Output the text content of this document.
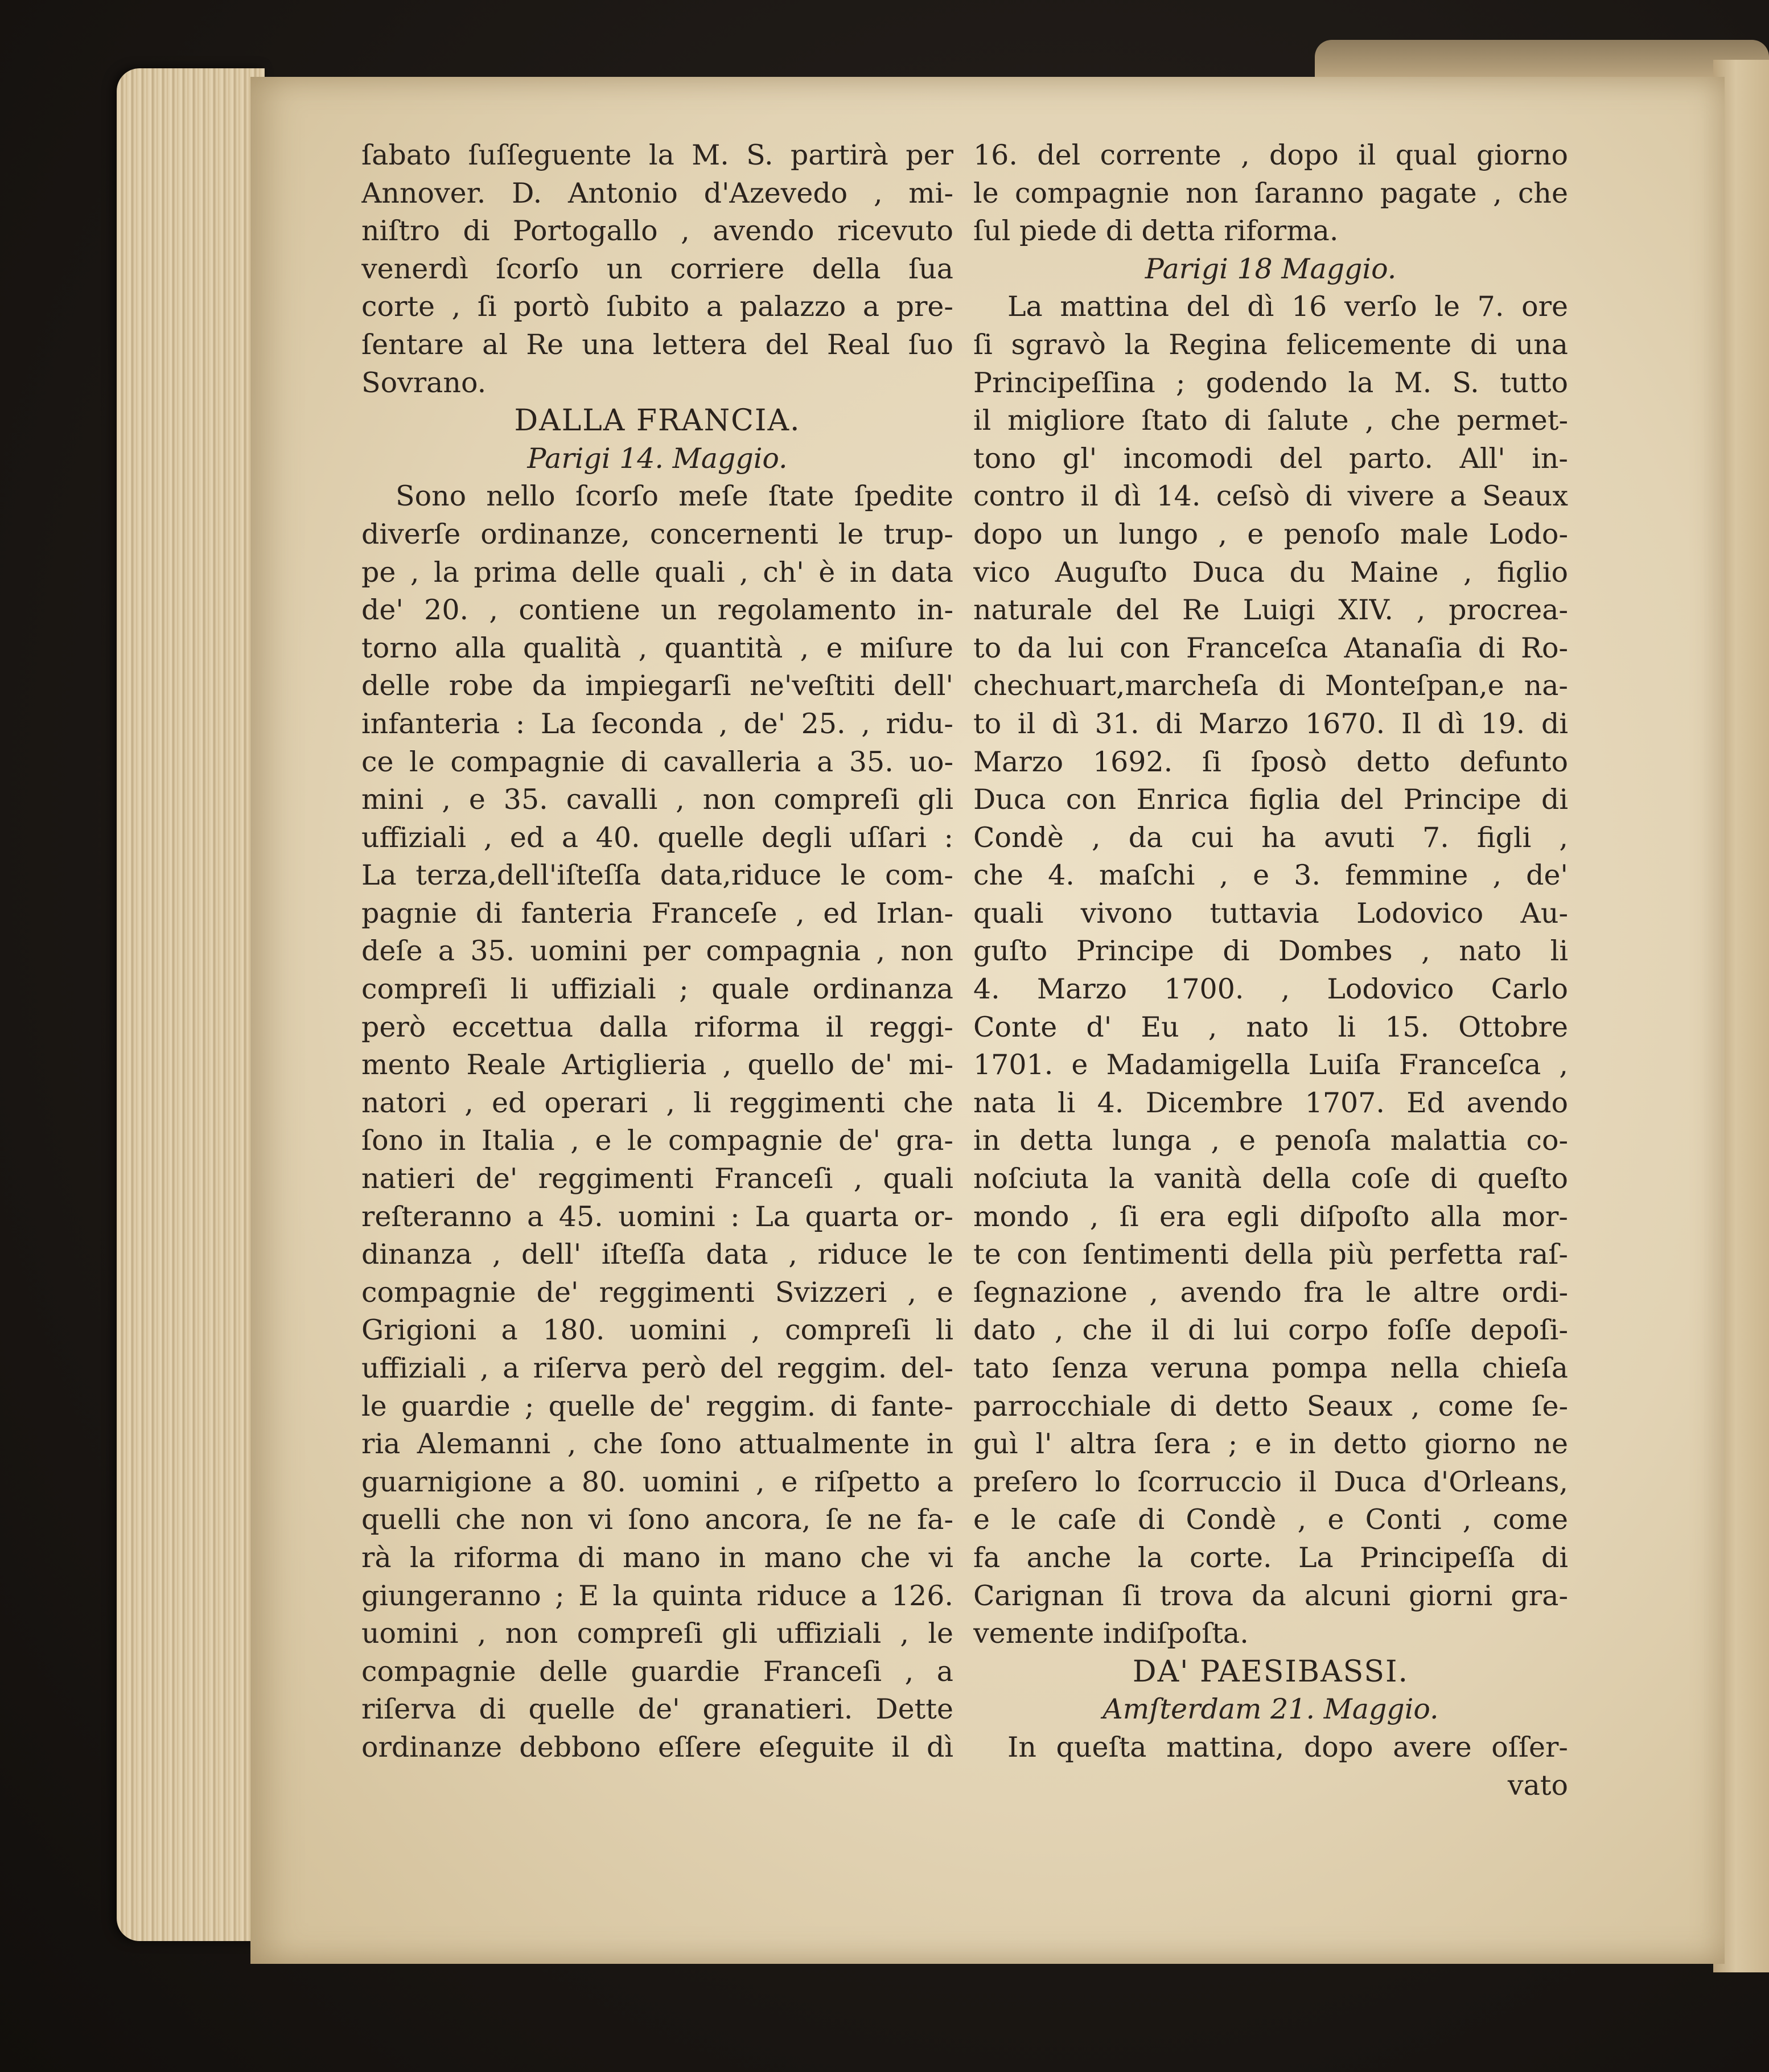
ſabato ſuſſeguente la M. S. partirà per
Annover. D. Antonio d'Azevedo , mi-
niſtro di Portogallo , avendo ricevuto
venerdì ſcorſo un corriere della ſua
corte , ſi portò ſubito a palazzo a pre-
ſentare al Re una lettera del Real ſuo
Sovrano.
DALLA FRANCIA.
Parigi 14. Maggio.
Sono nello ſcorſo meſe ſtate ſpedite
diverſe ordinanze, concernenti le trup-
pe , la prima delle quali , ch' è in data
de' 20. , contiene un regolamento in-
torno alla qualità , quantità , e miſure
delle robe da impiegarſi ne'veſtiti dell'
infanteria : La ſeconda , de' 25. , ridu-
ce le compagnie di cavalleria a 35. uo-
mini , e 35. cavalli , non compreſi gli
uffiziali , ed a 40. quelle degli uſſari :
La terza,dell'iſteſſa data,riduce le com-
pagnie di fanteria Franceſe , ed Irlan-
deſe a 35. uomini per compagnia , non
compreſi li uffiziali ; quale ordinanza
però eccettua dalla riforma il reggi-
mento Reale Artiglieria , quello de' mi-
natori , ed operari , li reggimenti che
ſono in Italia , e le compagnie de' gra-
natieri de' reggimenti Franceſi , quali
reſteranno a 45. uomini : La quarta or-
dinanza , dell' iſteſſa data , riduce le
compagnie de' reggimenti Svizzeri , e
Grigioni a 180. uomini , compreſi li
uffiziali , a riſerva però del reggim. del-
le guardie ; quelle de' reggim. di fante-
ria Alemanni , che ſono attualmente in
guarnigione a 80. uomini , e riſpetto a
quelli che non vi ſono ancora, ſe ne fa-
rà la riforma di mano in mano che vi
giungeranno ; E la quinta riduce a 126.
uomini , non compreſi gli uffiziali , le
compagnie delle guardie Franceſi , a
riſerva di quelle de' granatieri. Dette
ordinanze debbono eſſere eſeguite il dì
16. del corrente , dopo il qual giorno
le compagnie non ſaranno pagate , che
ſul piede di detta riforma.
Parigi 18 Maggio.
La mattina del dì 16 verſo le 7. ore
ſi sgravò la Regina felicemente di una
Principeſſina ; godendo la M. S. tutto
il migliore ſtato di ſalute , che permet-
tono gl' incomodi del parto. All' in-
contro il dì 14. ceſsò di vivere a Seaux
dopo un lungo , e penoſo male Lodo-
vico Auguſto Duca du Maine , figlio
naturale del Re Luigi XIV. , procrea-
to da lui con Franceſca Atanaſia di Ro-
chechuart,marcheſa di Monteſpan,e na-
to il dì 31. di Marzo 1670. Il dì 19. di
Marzo 1692. ſi ſposò detto defunto
Duca con Enrica figlia del Principe di
Condè , da cui ha avuti 7. figli ,
che 4. maſchi , e 3. femmine , de'
quali vivono tuttavia Lodovico Au-
guſto Principe di Dombes , nato li
4. Marzo 1700. , Lodovico Carlo
Conte d' Eu , nato li 15. Ottobre
1701. e Madamigella Luiſa Franceſca ,
nata li 4. Dicembre 1707. Ed avendo
in detta lunga , e penoſa malattia co-
noſciuta la vanità della coſe di queſto
mondo , ſi era egli diſpoſto alla mor-
te con ſentimenti della più perfetta raſ-
ſegnazione , avendo fra le altre ordi-
dato , che il di lui corpo foſſe depoſi-
tato ſenza veruna pompa nella chieſa
parrocchiale di detto Seaux , come ſe-
guì l' altra ſera ; e in detto giorno ne
preſero lo ſcorruccio il Duca d'Orleans,
e le caſe di Condè , e Conti , come
fa anche la corte. La Principeſſa di
Carignan ſi trova da alcuni giorni gra-
vemente indiſpoſta.
DA' PAESIBASSI.
Amſterdam 21. Maggio.
In queſta mattina, dopo avere oſſer-
vato
